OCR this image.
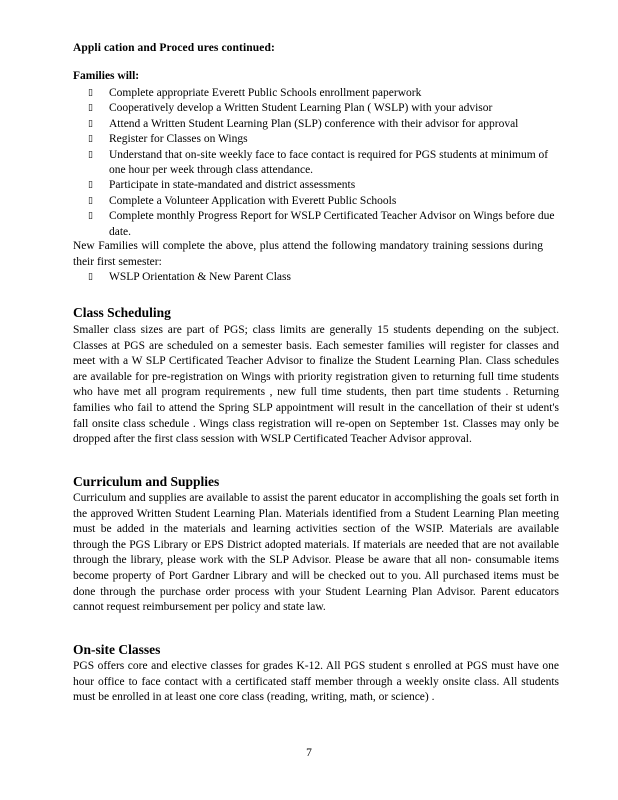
Appli cation and Proced ures continued:
Families will:
▯	Complete appropriate Everett Public Schools enrollment paperwork
▯	Cooperatively develop a Written Student Learning Plan ( WSLP) with your advisor
▯	Attend a Written Student Learning Plan (SLP) conference with their advisor for approval
▯	Register for Classes on Wings
▯	Understand that on-site weekly face to face contact is required for PGS students at minimum of one hour per week through class attendance.
▯	Participate in state-mandated and district assessments
▯	Complete a Volunteer Application with Everett Public Schools
▯	Complete monthly Progress Report for WSLP Certificated Teacher Advisor on Wings before due date.

New Families will complete the above, plus attend the following mandatory training sessions during their first semester:

▯	WSLP Orientation & New Parent Class
Class Scheduling

Smaller class sizes are part of PGS; class limits are generally 15 students depending on the subject. Classes at PGS are scheduled on a semester basis. Each semester families will register for classes and meet with a W SLP Certificated Teacher Advisor to finalize the Student Learning Plan. Class schedules are available for pre-registration on Wings with priority registration given to returning full time students who have met all program requirements , new full time students, then part time students . Returning families who fail to attend the Spring SLP appointment will result in the cancellation of their st udent's fall onsite class schedule . Wings class registration will re-open on September 1st. Classes may only be dropped after the first class session with WSLP Certificated Teacher Advisor approval.

Curriculum and Supplies

Curriculum and supplies are available to assist the parent educator in accomplishing the goals set forth in the approved Written Student Learning Plan. Materials identified from a Student Learning Plan meeting must be added in the materials and learning activities section of the WSIP. Materials are available through the PGS Library or EPS District adopted materials. If materials are needed that are not available through the library, please work with the SLP Advisor. Please be aware that all non- consumable items become property of Port Gardner Library and will be checked out to you. All purchased items must be done through the purchase order process with your Student Learning Plan Advisor. Parent educators cannot request reimbursement per policy and state law.

On-site Classes

PGS offers core and elective classes for grades K-12. All PGS student s enrolled at PGS must have one hour office to face contact with a certificated staff member through a weekly onsite class. All students must be enrolled in at least one core class (reading, writing, math, or science) .

7
